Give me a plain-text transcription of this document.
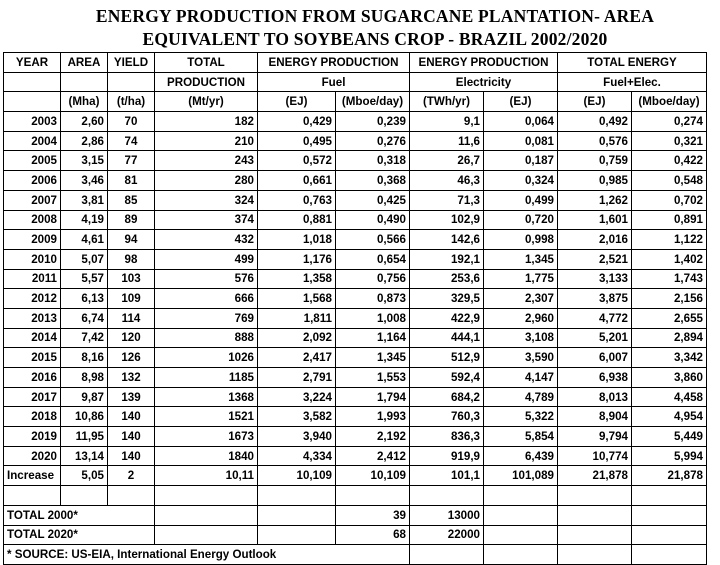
ENERGY PRODUCTION FROM SUGARCANE PLANTATION- AREA
EQUIVALENT TO SOYBEANS CROP - BRAZIL 2002/2020
YEAR	AREA	YIELD	TOTAL	ENERGY PRODUCTION		ENERGY PRODUCTION		TOTAL ENERGY	
			PRODUCTION	Fuel		Electricity		Fuel+Elec.	
	(Mha)	(t/ha)	(Mt/yr)	(EJ)	(Mboe/day)	(TWh/yr)	(EJ)	(EJ)	(Mboe/day)
2003	2,60	70	182	0,429	0,239	9,1	0,064	0,492	0,274
2004	2,86	74	210	0,495	0,276	11,6	0,081	0,576	0,321
2005	3,15	77	243	0,572	0,318	26,7	0,187	0,759	0,422
2006	3,46	81	280	0,661	0,368	46,3	0,324	0,985	0,548
2007	3,81	85	324	0,763	0,425	71,3	0,499	1,262	0,702
2008	4,19	89	374	0,881	0,490	102,9	0,720	1,601	0,891
2009	4,61	94	432	1,018	0,566	142,6	0,998	2,016	1,122
2010	5,07	98	499	1,176	0,654	192,1	1,345	2,521	1,402
2011	5,57	103	576	1,358	0,756	253,6	1,775	3,133	1,743
2012	6,13	109	666	1,568	0,873	329,5	2,307	3,875	2,156
2013	6,74	114	769	1,811	1,008	422,9	2,960	4,772	2,655
2014	7,42	120	888	2,092	1,164	444,1	3,108	5,201	2,894
2015	8,16	126	1026	2,417	1,345	512,9	3,590	6,007	3,342
2016	8,98	132	1185	2,791	1,553	592,4	4,147	6,938	3,860
2017	9,87	139	1368	3,224	1,794	684,2	4,789	8,013	4,458
2018	10,86	140	1521	3,582	1,993	760,3	5,322	8,904	4,954
2019	11,95	140	1673	3,940	2,192	836,3	5,854	9,794	5,449
2020	13,14	140	1840	4,334	2,412	919,9	6,439	10,774	5,994
Increase	5,05	2	10,11	10,109	10,109	101,1	101,089	21,878	21,878

TOTAL 2000*					39	13000			
TOTAL 2020*					68	22000			
* SOURCE: US-EIA, International Energy Outlook									
